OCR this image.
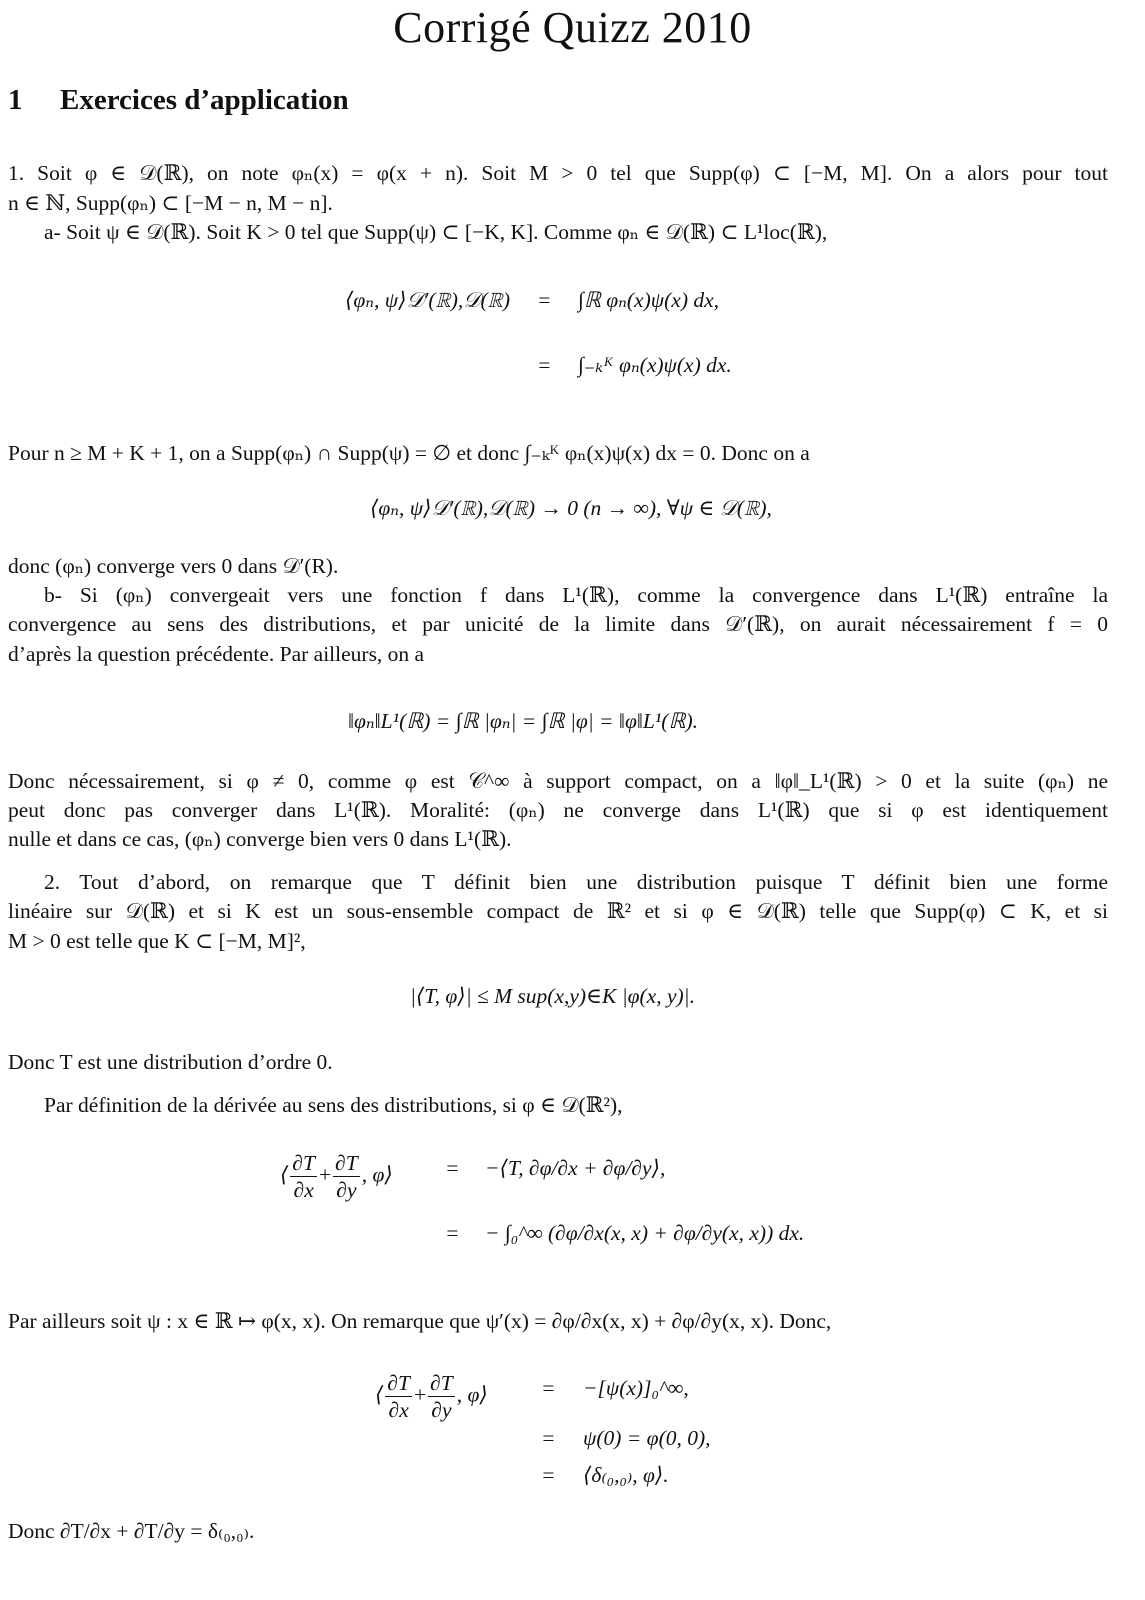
Corrigé Quizz 2010
1 Exercices d’application
1. Soit φ ∈ 𝒟(ℝ), on note φₙ(x) = φ(x + n). Soit M > 0 tel que Supp(φ) ⊂ [−M, M]. On a alors pour tout
n ∈ ℕ, Supp(φₙ) ⊂ [−M − n, M − n].
a- Soit ψ ∈ 𝒟(ℝ). Soit K > 0 tel que Supp(ψ) ⊂ [−K, K]. Comme φₙ ∈ 𝒟(ℝ) ⊂ L¹loc(ℝ),
⟨φₙ, ψ⟩𝒟′(ℝ),𝒟(ℝ) = ∫ℝ φₙ(x)ψ(x) dx,
= ∫₋ₖᴷ φₙ(x)ψ(x) dx.
Pour n ≥ M + K + 1, on a Supp(φₙ) ∩ Supp(ψ) = ∅ et donc ∫₋ₖᴷ φₙ(x)ψ(x) dx = 0. Donc on a
⟨φₙ, ψ⟩𝒟′(ℝ),𝒟(ℝ) → 0 (n → ∞), ∀ψ ∈ 𝒟(ℝ),
donc (φₙ) converge vers 0 dans 𝒟′(R).
b- Si (φₙ) convergeait vers une fonction f dans L¹(ℝ), comme la convergence dans L¹(ℝ) entraîne la
convergence au sens des distributions, et par unicité de la limite dans 𝒟′(ℝ), on aurait nécessairement f = 0
d’après la question précédente. Par ailleurs, on a
‖φₙ‖L¹(ℝ) = ∫ℝ |φₙ| = ∫ℝ |φ| = ‖φ‖L¹(ℝ).
Donc nécessairement, si φ ≠ 0, comme φ est 𝒞^∞ à support compact, on a ‖φ‖_L¹(ℝ) > 0 et la suite (φₙ) ne
peut donc pas converger dans L¹(ℝ). Moralité: (φₙ) ne converge dans L¹(ℝ) que si φ est identiquement
nulle et dans ce cas, (φₙ) converge bien vers 0 dans L¹(ℝ).
2. Tout d’abord, on remarque que T définit bien une distribution puisque T définit bien une forme
linéaire sur 𝒟(ℝ) et si K est un sous-ensemble compact de ℝ² et si φ ∈ 𝒟(ℝ) telle que Supp(φ) ⊂ K, et si
M > 0 est telle que K ⊂ [−M, M]²,
|⟨T, φ⟩| ≤ M sup(x,y)∈K |φ(x, y)|.
Donc T est une distribution d’ordre 0.
Par définition de la dérivée au sens des distributions, si φ ∈ 𝒟(ℝ²),
⟨ $\frac{\partial T}{\partial x} + \frac{\partial T}{\partial y}$ , φ⟩ = −⟨T, ∂φ/∂x + ∂φ/∂y⟩,
= − ∫₀^∞ (∂φ/∂x(x, x) + ∂φ/∂y(x, x)) dx.
Par ailleurs soit ψ : x ∈ ℝ ↦ φ(x, x). On remarque que ψ′(x) = ∂φ/∂x(x, x) + ∂φ/∂y(x, x). Donc,
⟨ $\frac{\partial T}{\partial x} + \frac{\partial T}{\partial y}$ , φ⟩ = −[ψ(x)]₀^∞,
= ψ(0) = φ(0, 0),
= ⟨δ₍₀,₀₎, φ⟩.
Donc ∂T/∂x + ∂T/∂y = δ₍₀,₀₎.
